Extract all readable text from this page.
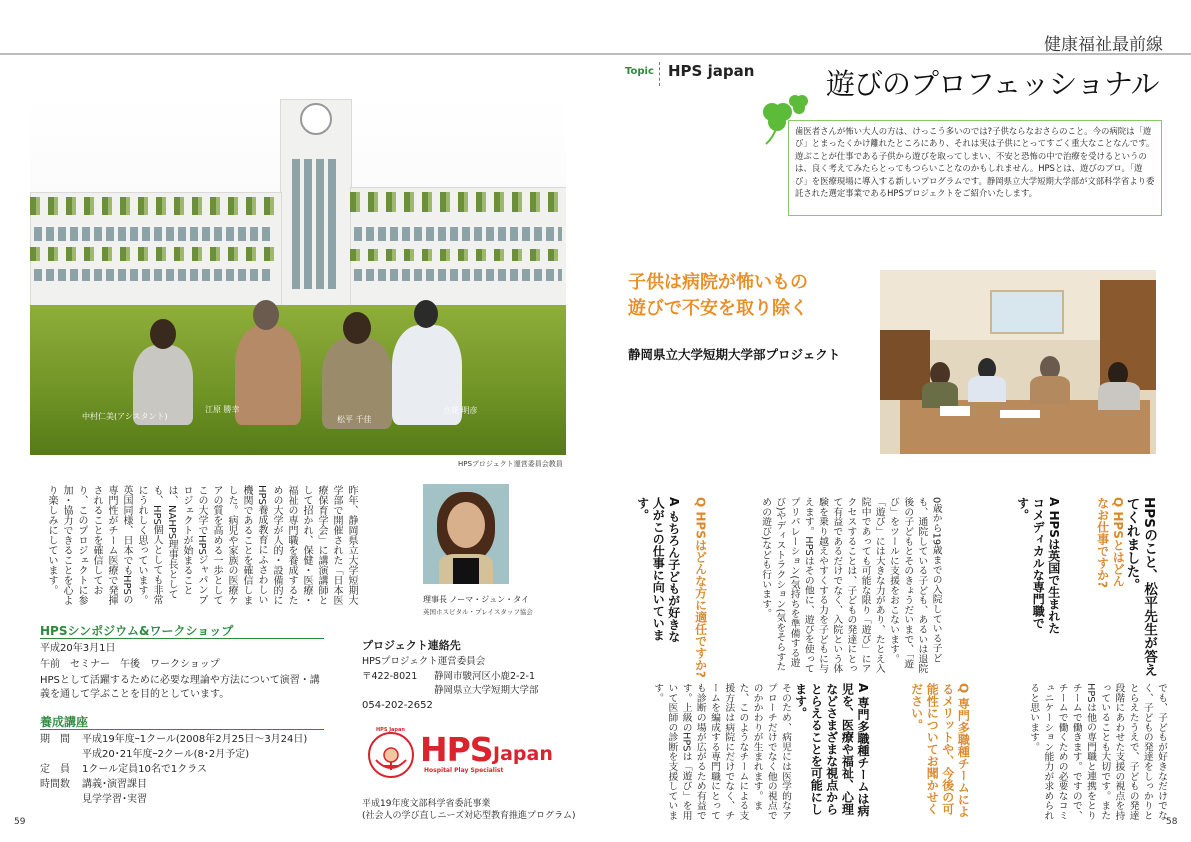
健康福祉最前線
中村仁美(アシスタント)
江原 勝幸
松平 千佳
立花 明彦
HPSプロジェクト運営委員会教員
Topic HPS japan 遊びのプロフェッショナル
歯医者さんが怖い大人の方は、けっこう多いのでは?子供ならなおさらのこと。今の病院は「遊び」とまったくかけ離れたところにあり、それは実は子供にとってすごく重大なことなんです。遊ぶことが仕事である子供から遊びを取ってしまい、不安と恐怖の中で治療を受けるというのは、良く考えてみたらとってもつらいことなのかもしれません。HPSとは、遊びのプロ。「遊び」を医療現場に導入する新しいプログラムです。静岡県立大学短期大学部が文部科学省より委託された選定事業であるHPSプロジェクトをご紹介いたします。
子供は病院が怖いもの
遊びで不安を取り除く
静岡県立大学短期大学部プロジェクト
HPSのこと、松平先生が答えてくれました。
Q HPSとはどんなお仕事ですか?
A HPSは英国で生まれたコメディカルな専門職です。
0歳から19歳までの入院している子ども、通院している子ども、あるいは退院後の子どもとそのきょうだいまで、「遊び」をツールに支援をおこないます。「遊び」には大きな力があり、たとえ入院中であっても可能な限り「遊び」にアクセスすることは、子どもの発達にとって有益であるだけでなく、入院という体験を乗り越えやすくする力を子どもに与えます。HPSはその他に、遊びを使ってプリパレーション(気持ちを準備する遊び)やディストラクション(気をそらすための遊び)なども行います。
Q HPSはどんな方に適任ですか?
A もちろん子どもが好きな人がこの仕事に向いています。
でも、子どもが好きなだけでなく、子どもの発達をしっかりととらえたうえで、子どもの発達段階にあわせた支援の視点を持っていることも大切です。またHPSは他の専門職と連携をとりチームで働きます。ですので、チームで働くための必要なコミュニケーション能力が求められると思います。
Q 専門多職種チームによるメリットや、今後の可能性についてお聞かせください。
A 専門多職種チームは病児を、医療や福祉、心理などさまざまな視点からとらえることを可能にします。
そのため、病児には医学的なアプローチだけでなく他の視点でのかかわりが生まれます。また、このようなチームによる支援方法は病院にだけでなく、チームを編成する専門職にとっても診断の場が広がるため有益です。上級のHPSは「遊び」を用いて医師の診断を支援しています。
昨年、静岡県立大学短期大学部で開催された「日本医療保育学会」に講演講師として招かれ、保健・医療・福祉の専門職を養成するための大学が人的・設備的にHPS養成教育にふさわしい機関であることを確信しました。病児や家族の医療ケアの質を高める一歩としてこの大学でHPSジャパンプロジェクトが始まることは、NAHPS理事長としても、HPS個人としても非常にうれしく思っています。英国同様、日本でもHPSの専門性がチーム医療で発揮されることを確信しており、このプロジェクトに参加・協力できることを心より楽しみにしています。
理事長 ノーマ・ジュン・タイ
英国ホスピタル・プレイスタッフ協会
HPSシンポジウム&ワークショップ
平成20年3月1日
午前　セミナー　午後　ワークショップ
HPSとして活躍するために必要な理論や方法について演習・講義を通して学ぶことを目的としています。
養成講座
期　間	平成19年度ｰ1クール(2008年2月25日〜3月24日)
平成20･21年度ｰ2クール(8･2月予定)
定　員	1クール定員10名で1クラス
時間数	講義･演習課目
見学学習･実習
プロジェクト連絡先
HPSプロジェクト運営委員会
〒422-8021 静岡市駿河区小鹿2-2-1
静岡県立大学短期大学部
054-202-2652
HPS Japan HPS Japan
Hospital Play Specialist
平成19年度文部科学省委託事業
(社会人の学び直しニーズ対応型教育推進プログラム)
59	58
